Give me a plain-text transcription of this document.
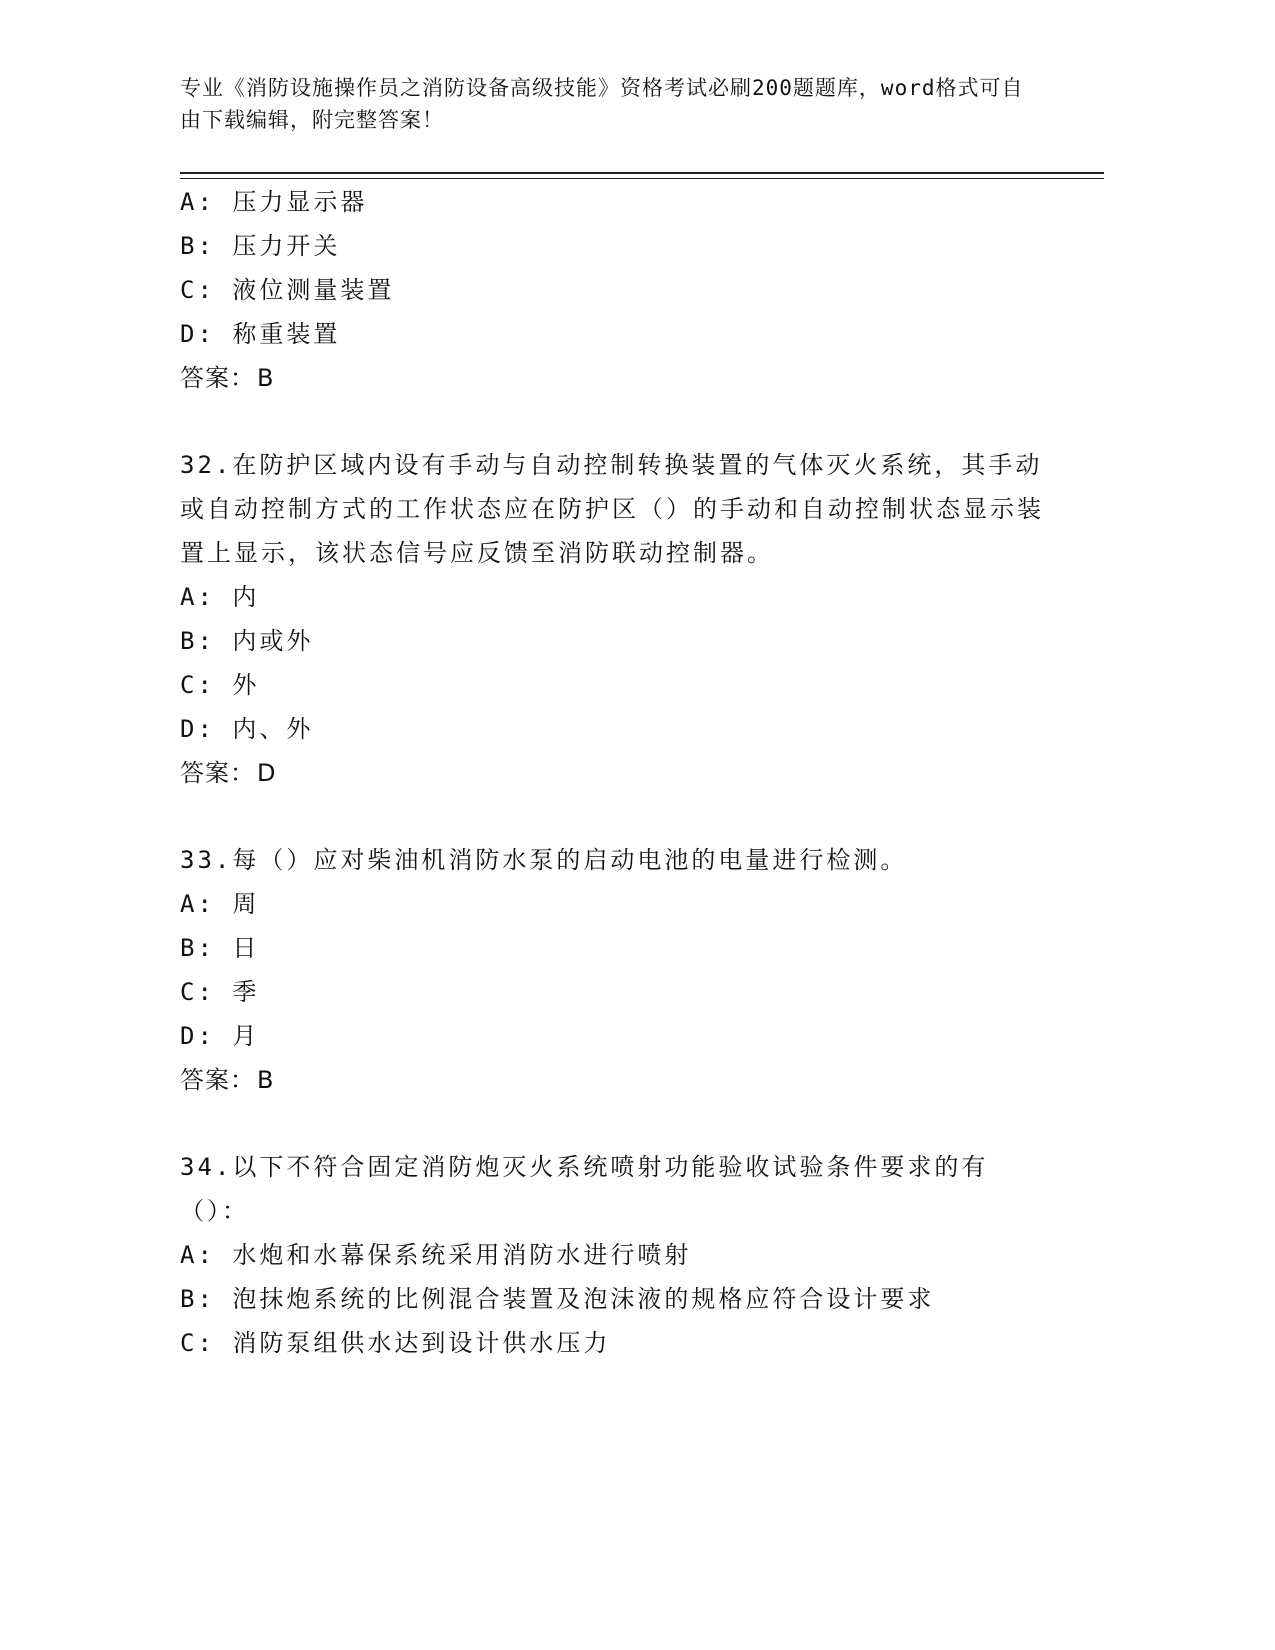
专业《消防设施操作员之消防设备高级技能》资格考试必刷200题题库，word格式可自由下载编辑，附完整答案！
A: 压力显示器
B: 压力开关
C: 液位测量装置
D: 称重装置
答案：B
32.在防护区域内设有手动与自动控制转换装置的气体灭火系统，其手动或自动控制方式的工作状态应在防护区（）的手动和自动控制状态显示装置上显示，该状态信号应反馈至消防联动控制器。
A: 内
B: 内或外
C: 外
D: 内、外
答案：D
33.每（）应对柴油机消防水泵的启动电池的电量进行检测。
A: 周
B: 日
C: 季
D: 月
答案：B
34.以下不符合固定消防炮灭火系统喷射功能验收试验条件要求的有（）：
A: 水炮和水幕保系统采用消防水进行喷射
B: 泡抹炮系统的比例混合装置及泡沫液的规格应符合设计要求
C: 消防泵组供水达到设计供水压力
